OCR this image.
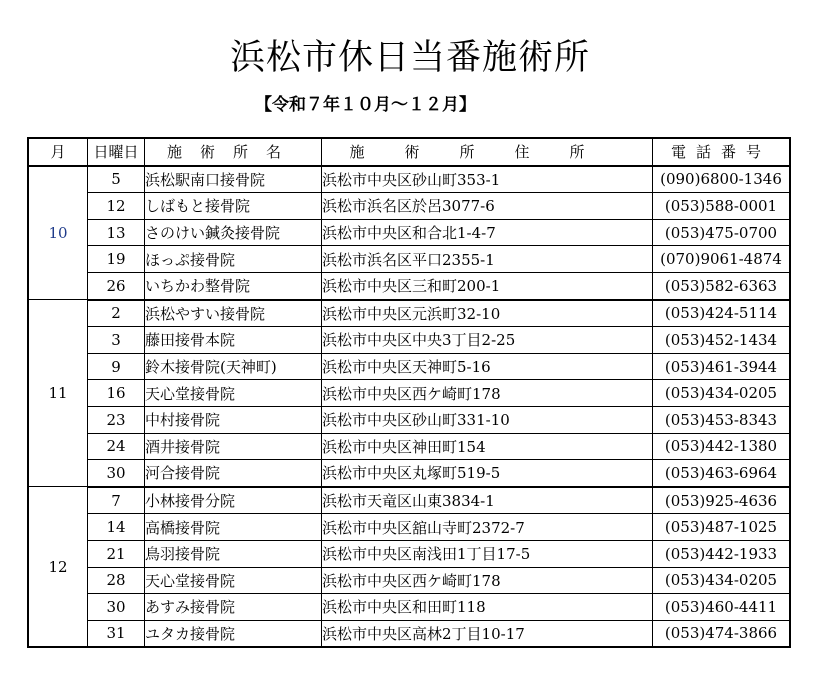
浜松市休日当番施術所
【令和７年１０月～１２月】
月	日曜日	施術所名	施術所住所	電話番号
10	5	浜松駅南口接骨院	浜松市中央区砂山町353-1	(090)6800-1346
	12	しばもと接骨院	浜松市浜名区於呂3077-6	(053)588-0001
	13	さのけい鍼灸接骨院	浜松市中央区和合北1-4-7	(053)475-0700
	19	ほっぷ接骨院	浜松市浜名区平口2355-1	(070)9061-4874
	26	いちかわ整骨院	浜松市中央区三和町200-1	(053)582-6363
11	2	浜松やすい接骨院	浜松市中央区元浜町32-10	(053)424-5114
	3	藤田接骨本院	浜松市中央区中央3丁目2-25	(053)452-1434
	9	鈴木接骨院(天神町)	浜松市中央区天神町5-16	(053)461-3944
	16	天心堂接骨院	浜松市中央区西ケ崎町178	(053)434-0205
	23	中村接骨院	浜松市中央区砂山町331-10	(053)453-8343
	24	酒井接骨院	浜松市中央区神田町154	(053)442-1380
	30	河合接骨院	浜松市中央区丸塚町519-5	(053)463-6964
12	7	小林接骨分院	浜松市天竜区山東3834-1	(053)925-4636
	14	高橋接骨院	浜松市中央区舘山寺町2372-7	(053)487-1025
	21	鳥羽接骨院	浜松市中央区南浅田1丁目17-5	(053)442-1933
	28	天心堂接骨院	浜松市中央区西ケ崎町178	(053)434-0205
	30	あすみ接骨院	浜松市中央区和田町118	(053)460-4411
	31	ユタカ接骨院	浜松市中央区高林2丁目10-17	(053)474-3866
